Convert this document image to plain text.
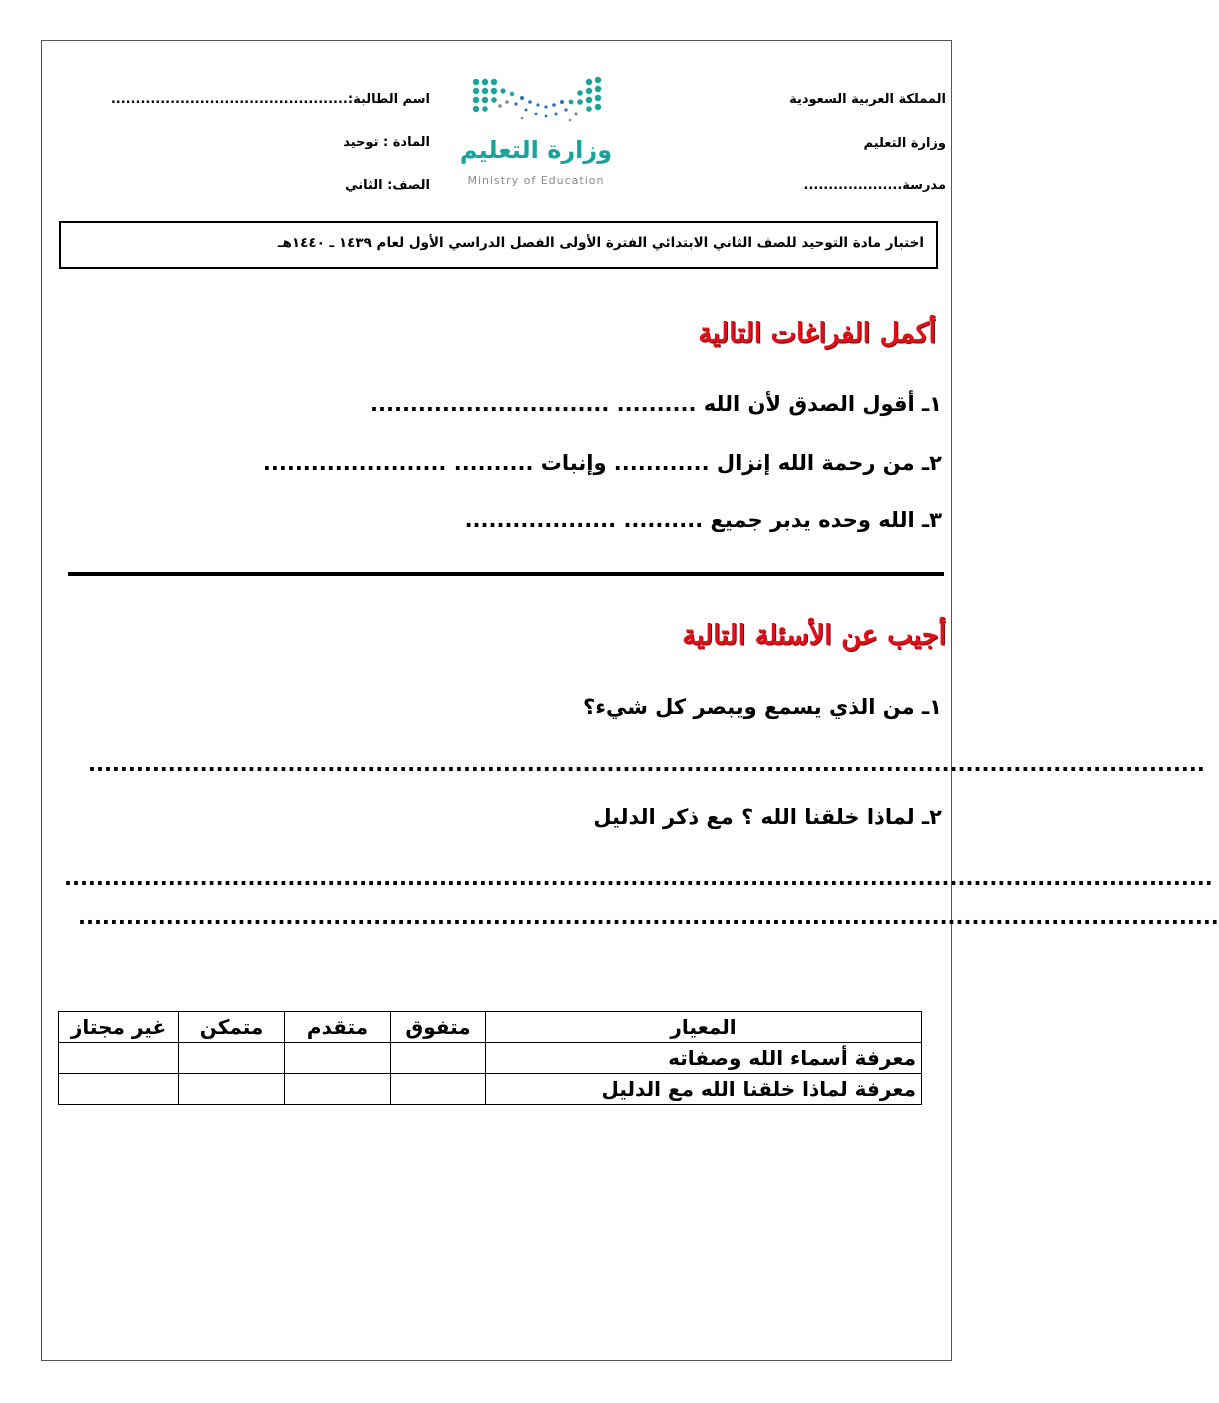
المملكة العربية السعودية
وزارة التعليم
مدرسة....................
اسم الطالبة:................................................
المادة : توحيد
الصف: الثاني
وزارة التعليم
Ministry of Education
اختبار مادة التوحيد للصف الثاني الابتدائي الفترة الأولى الفصل الدراسي الأول لعام ١٤٣٩ ـ ١٤٤٠هـ
أكمل الفراغات التالية
١ـ أقول الصدق لأن الله .......... ..............................
٢ـ من رحمة الله إنزال ............ وإنبات .......... .......................
٣ـ الله وحده يدبر جميع .......... ...................
أجيب عن الأسئلة التالية
١ـ من الذي يسمع ويبصر كل شيء؟
............................................................................................................................................
٢ـ لماذا خلقنا الله ؟ مع ذكر الدليل
................................................................................................................................................
...............................................................................................................................................
المعيار	متفوق	متقدم	متمكن	غير مجتاز
معرفة أسماء الله وصفاته				
معرفة لماذا خلقنا الله مع الدليل				
